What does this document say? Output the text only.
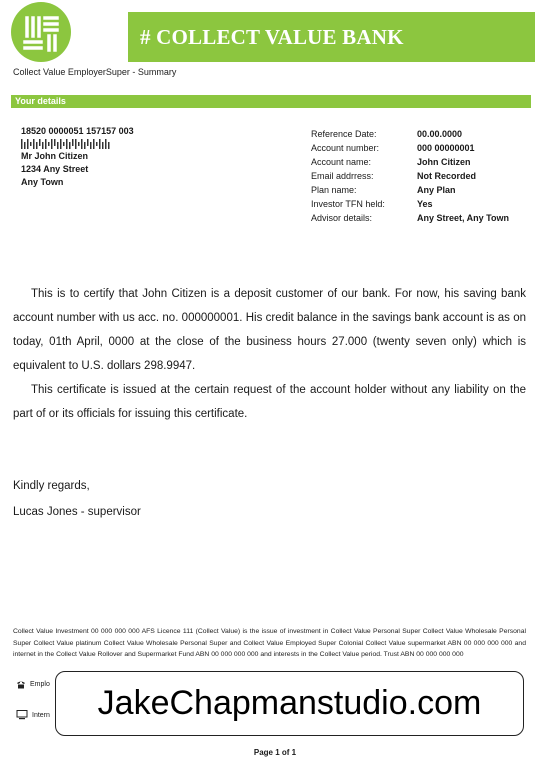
# COLLECT VALUE BANK
Collect Value EmployerSuper - Summary
Your details
18520 0000051 157157 003
Mr John Citizen
1234 Any Street
Any Town
Reference Date:	00.00.0000
Account number:	000 00000001
Account name:	John Citizen
Email addrress:	Not Recorded
Plan name:	Any Plan
Investor TFN held:	Yes
Advisor details:	Any Street, Any Town

This is to certify that John Citizen is a deposit customer of our bank. For now, his saving bank account number with us acc. no. 000000001. His credit balance in the savings bank account is as on today, 01th April, 0000 at the close of the business hours 27.000 (twenty seven only) which is equivalent to U.S. dollars 298.9947.

This certificate is issued at the certain request of the account holder without any liability on the part of or its officials for issuing this certificate.

Kindly regards,
Lucas Jones - supervisor
Collect Value Investment 00 000 000 000 AFS Licence 111 (Collect Value) is the issue of investment in Collect Value Personal Super Collect Value Wholesale Personal Super Collect Value platinum Collect Value Wholesale Personal Super and Collect Value Employed Super Colonial Collect Value supermarket ABN 00 000 000 000 and internet in the Collect Value Rollover and Supermarket Fund ABN 00 000 000 000 and interests in the Collect Value period. Trust ABN 00 000 000 000
Emplo
Intern	JakeChapmanstudio.com
Page 1 of 1
